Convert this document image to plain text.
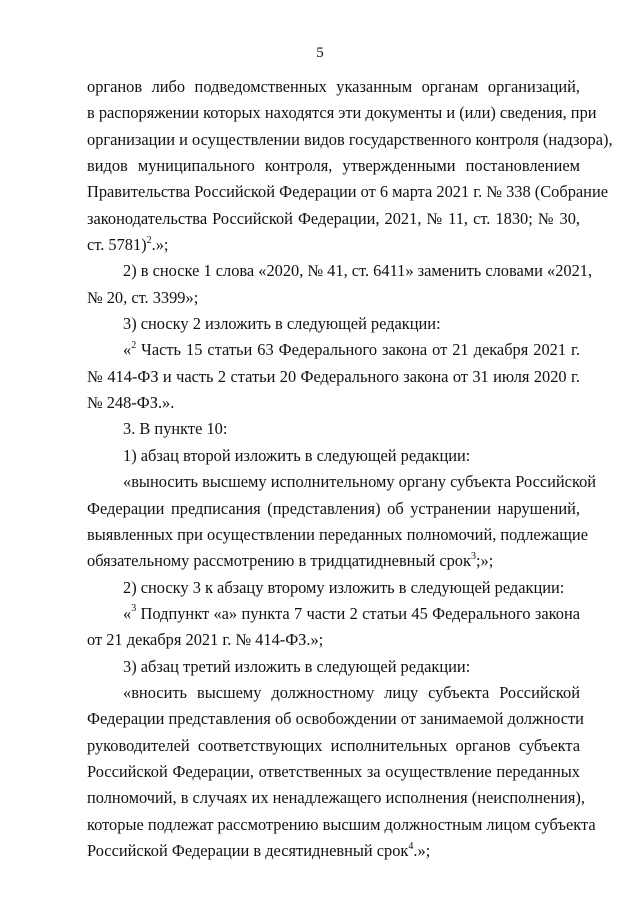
5
органов либо подведомственных указанным органам организаций,
в распоряжении которых находятся эти документы и (или) сведения, при
организации и осуществлении видов государственного контроля (надзора),
видов муниципального контроля, утвержденными постановлением
Правительства Российской Федерации от 6 марта 2021 г. № 338 (Собрание
законодательства Российской Федерации, 2021, № 11, ст. 1830; № 30,
ст. 5781)$^2$.»;
2) в сноске 1 слова «2020, № 41, ст. 6411» заменить словами «2021,
№ 20, ст. 3399»;
3) сноску 2 изложить в следующей редакции:
«$^2$ Часть 15 статьи 63 Федерального закона от 21 декабря 2021 г.
№ 414-ФЗ и часть 2 статьи 20 Федерального закона от 31 июля 2020 г.
№ 248-ФЗ.».
3. В пункте 10:
1) абзац второй изложить в следующей редакции:
«выносить высшему исполнительному органу субъекта Российской
Федерации предписания (представления) об устранении нарушений,
выявленных при осуществлении переданных полномочий, подлежащие
обязательному рассмотрению в тридцатидневный срок$^3$;»;
2) сноску 3 к абзацу второму изложить в следующей редакции:
«$^3$ Подпункт «а» пункта 7 части 2 статьи 45 Федерального закона
от 21 декабря 2021 г. № 414-ФЗ.»;
3) абзац третий изложить в следующей редакции:
«вносить высшему должностному лицу субъекта Российской
Федерации представления об освобождении от занимаемой должности
руководителей соответствующих исполнительных органов субъекта
Российской Федерации, ответственных за осуществление переданных
полномочий, в случаях их ненадлежащего исполнения (неисполнения),
которые подлежат рассмотрению высшим должностным лицом субъекта
Российской Федерации в десятидневный срок$^4$.»;
